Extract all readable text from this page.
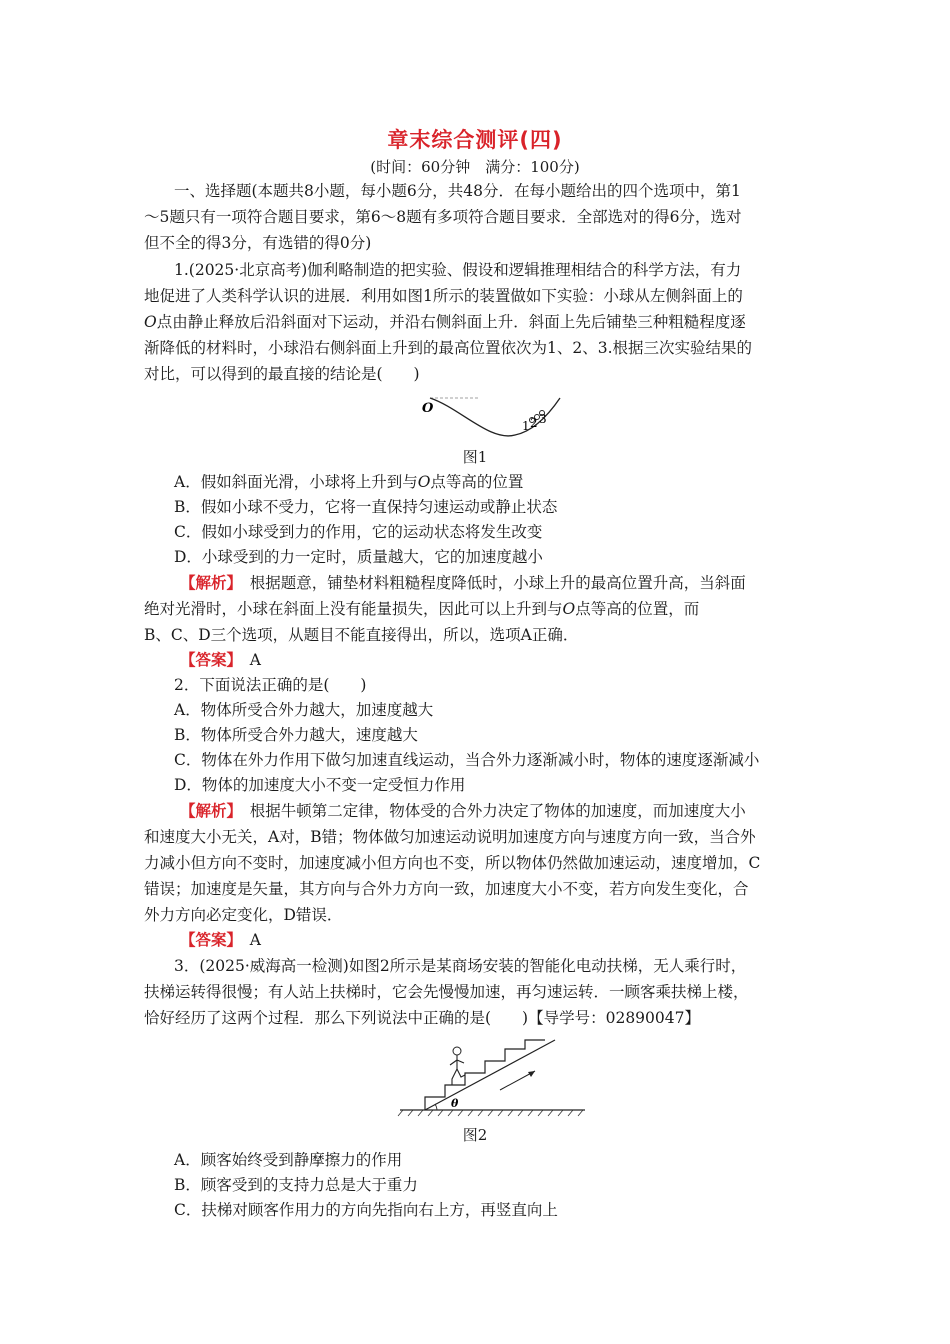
章末综合测评(四)
(时间：60分钟　满分：100分)
一、选择题(本题共8小题，每小题6分，共48分．在每小题给出的四个选项中，第1
～5题只有一项符合题目要求，第6～8题有多项符合题目要求．全部选对的得6分，选对
但不全的得3分，有选错的得0分)
1.(2025·北京高考)伽利略制造的把实验、假设和逻辑推理相结合的科学方法，有力
地促进了人类科学认识的进展．利用如图1所示的装置做如下实验：小球从左侧斜面上的
O点由静止释放后沿斜面对下运动，并沿右侧斜面上升．斜面上先后铺垫三种粗糙程度逐
渐降低的材料时，小球沿右侧斜面上升到的最高位置依次为1、2、3.根据三次实验结果的
对比，可以得到的最直接的结论是(　　)
O
1 2 3
图1
A．假如斜面光滑，小球将上升到与O点等高的位置
B．假如小球不受力，它将一直保持匀速运动或静止状态
C．假如小球受到力的作用，它的运动状态将发生改变
D．小球受到的力一定时，质量越大，它的加速度越小
【解析】　根据题意，铺垫材料粗糙程度降低时，小球上升的最高位置升高，当斜面
绝对光滑时，小球在斜面上没有能量损失，因此可以上升到与O点等高的位置，而
B、C、D三个选项，从题目不能直接得出，所以，选项A正确．
【答案】　A
2．下面说法正确的是(　　)
A．物体所受合外力越大，加速度越大
B．物体所受合外力越大，速度越大
C．物体在外力作用下做匀加速直线运动，当合外力逐渐减小时，物体的速度逐渐减小
D．物体的加速度大小不变一定受恒力作用
【解析】　根据牛顿第二定律，物体受的合外力决定了物体的加速度，而加速度大小
和速度大小无关，A对，B错；物体做匀加速运动说明加速度方向与速度方向一致，当合外
力减小但方向不变时，加速度减小但方向也不变，所以物体仍然做加速运动，速度增加，C
错误；加速度是矢量，其方向与合外力方向一致，加速度大小不变，若方向发生变化，合
外力方向必定变化，D错误．
【答案】　A
3．(2025·威海高一检测)如图2所示是某商场安装的智能化电动扶梯，无人乘行时，
扶梯运转得很慢；有人站上扶梯时，它会先慢慢加速，再匀速运转．一顾客乘扶梯上楼，
恰好经历了这两个过程．那么下列说法中正确的是(　　)【导学号：02890047】
θ
图2
A．顾客始终受到静摩擦力的作用
B．顾客受到的支持力总是大于重力
C．扶梯对顾客作用力的方向先指向右上方，再竖直向上
